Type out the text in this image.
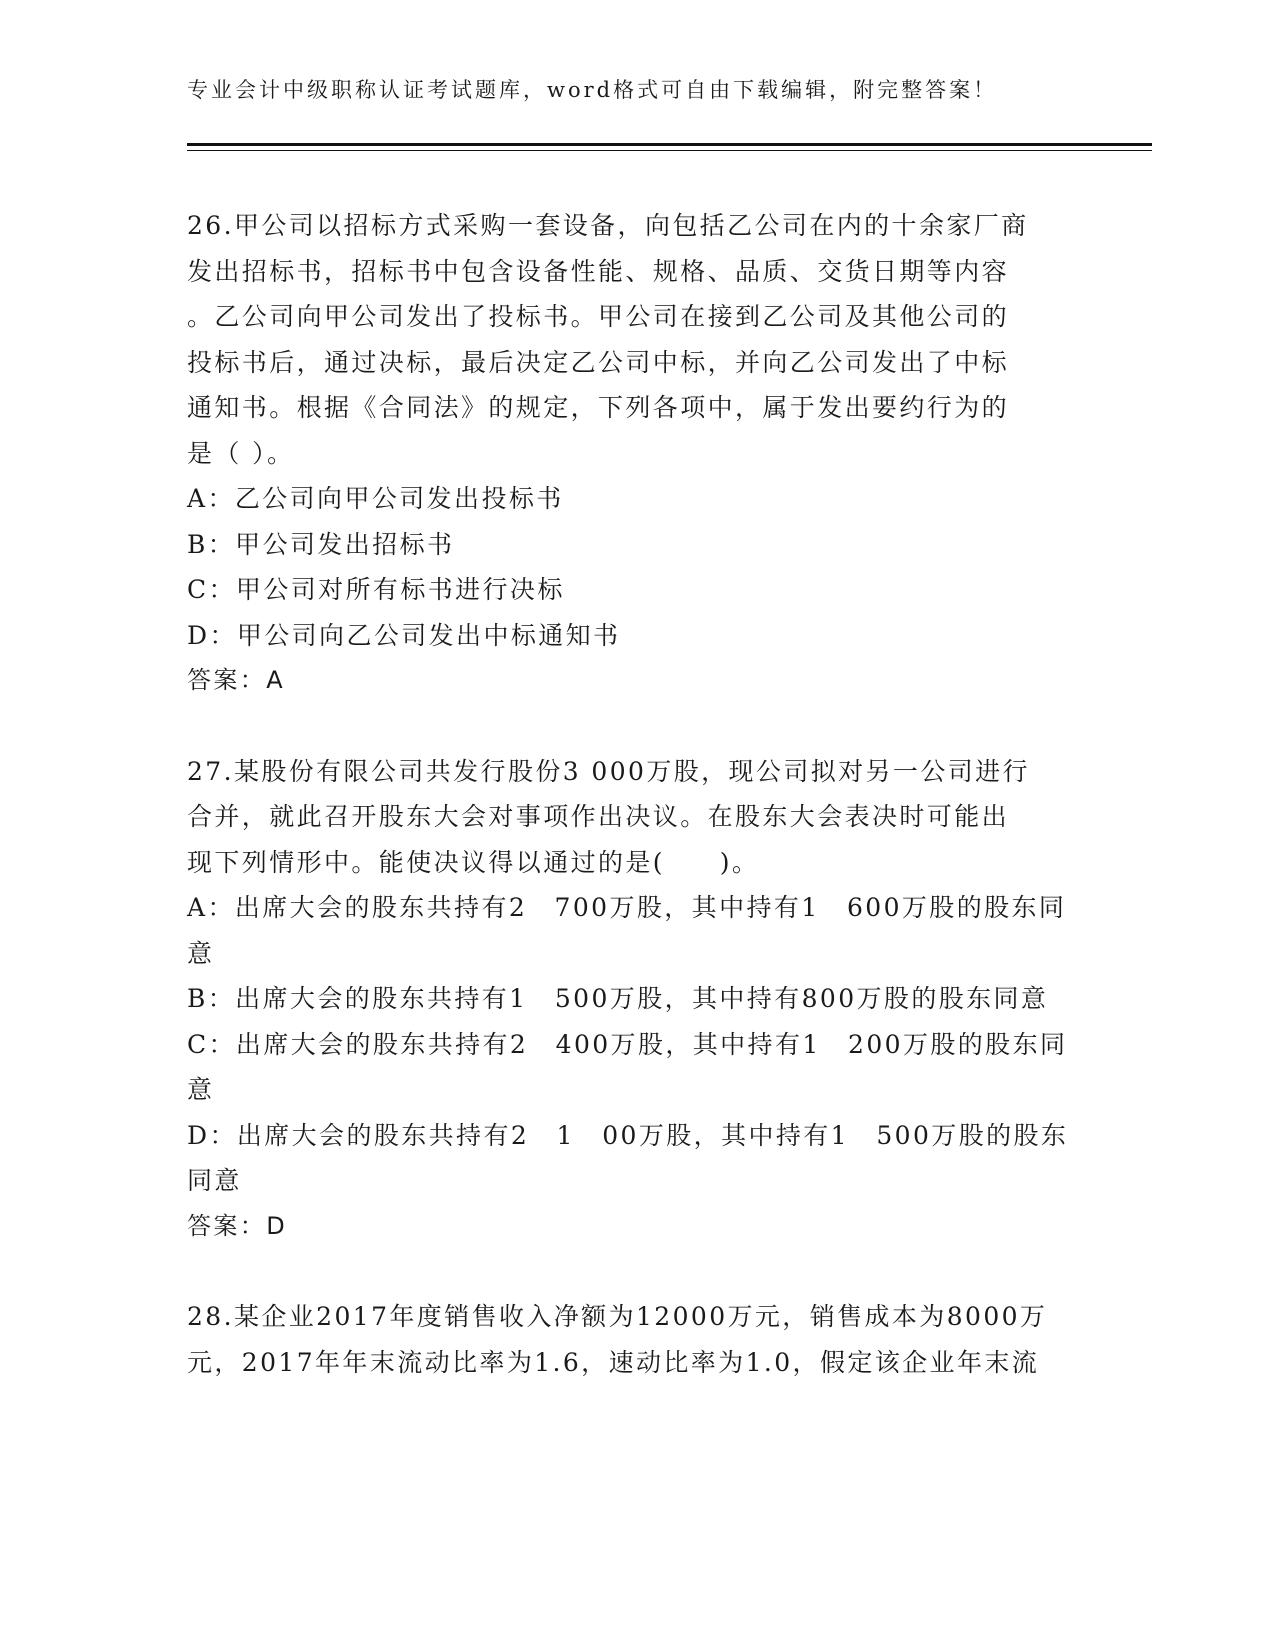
专业会计中级职称认证考试题库，word格式可自由下载编辑，附完整答案！
26.甲公司以招标方式采购一套设备，向包括乙公司在内的十余家厂商
发出招标书，招标书中包含设备性能、规格、品质、交货日期等内容
。乙公司向甲公司发出了投标书。甲公司在接到乙公司及其他公司的
投标书后，通过决标，最后决定乙公司中标，并向乙公司发出了中标
通知书。根据《合同法》的规定，下列各项中，属于发出要约行为的
是（ ）。
A：乙公司向甲公司发出投标书
B：甲公司发出招标书
C：甲公司对所有标书进行决标
D：甲公司向乙公司发出中标通知书
答案：A
27.某股份有限公司共发行股份3 000万股，现公司拟对另一公司进行
合并，就此召开股东大会对事项作出决议。在股东大会表决时可能出
现下列情形中。能使决议得以通过的是(　　)。
A：出席大会的股东共持有2　700万股，其中持有1　600万股的股东同意
B：出席大会的股东共持有1　500万股，其中持有800万股的股东同意
C：出席大会的股东共持有2　400万股，其中持有1　200万股的股东同意
D：出席大会的股东共持有2　1　00万股，其中持有1　500万股的股东同意
答案：D
28.某企业2017年度销售收入净额为12000万元，销售成本为8000万
元，2017年年末流动比率为1.6，速动比率为1.0，假定该企业年末流
